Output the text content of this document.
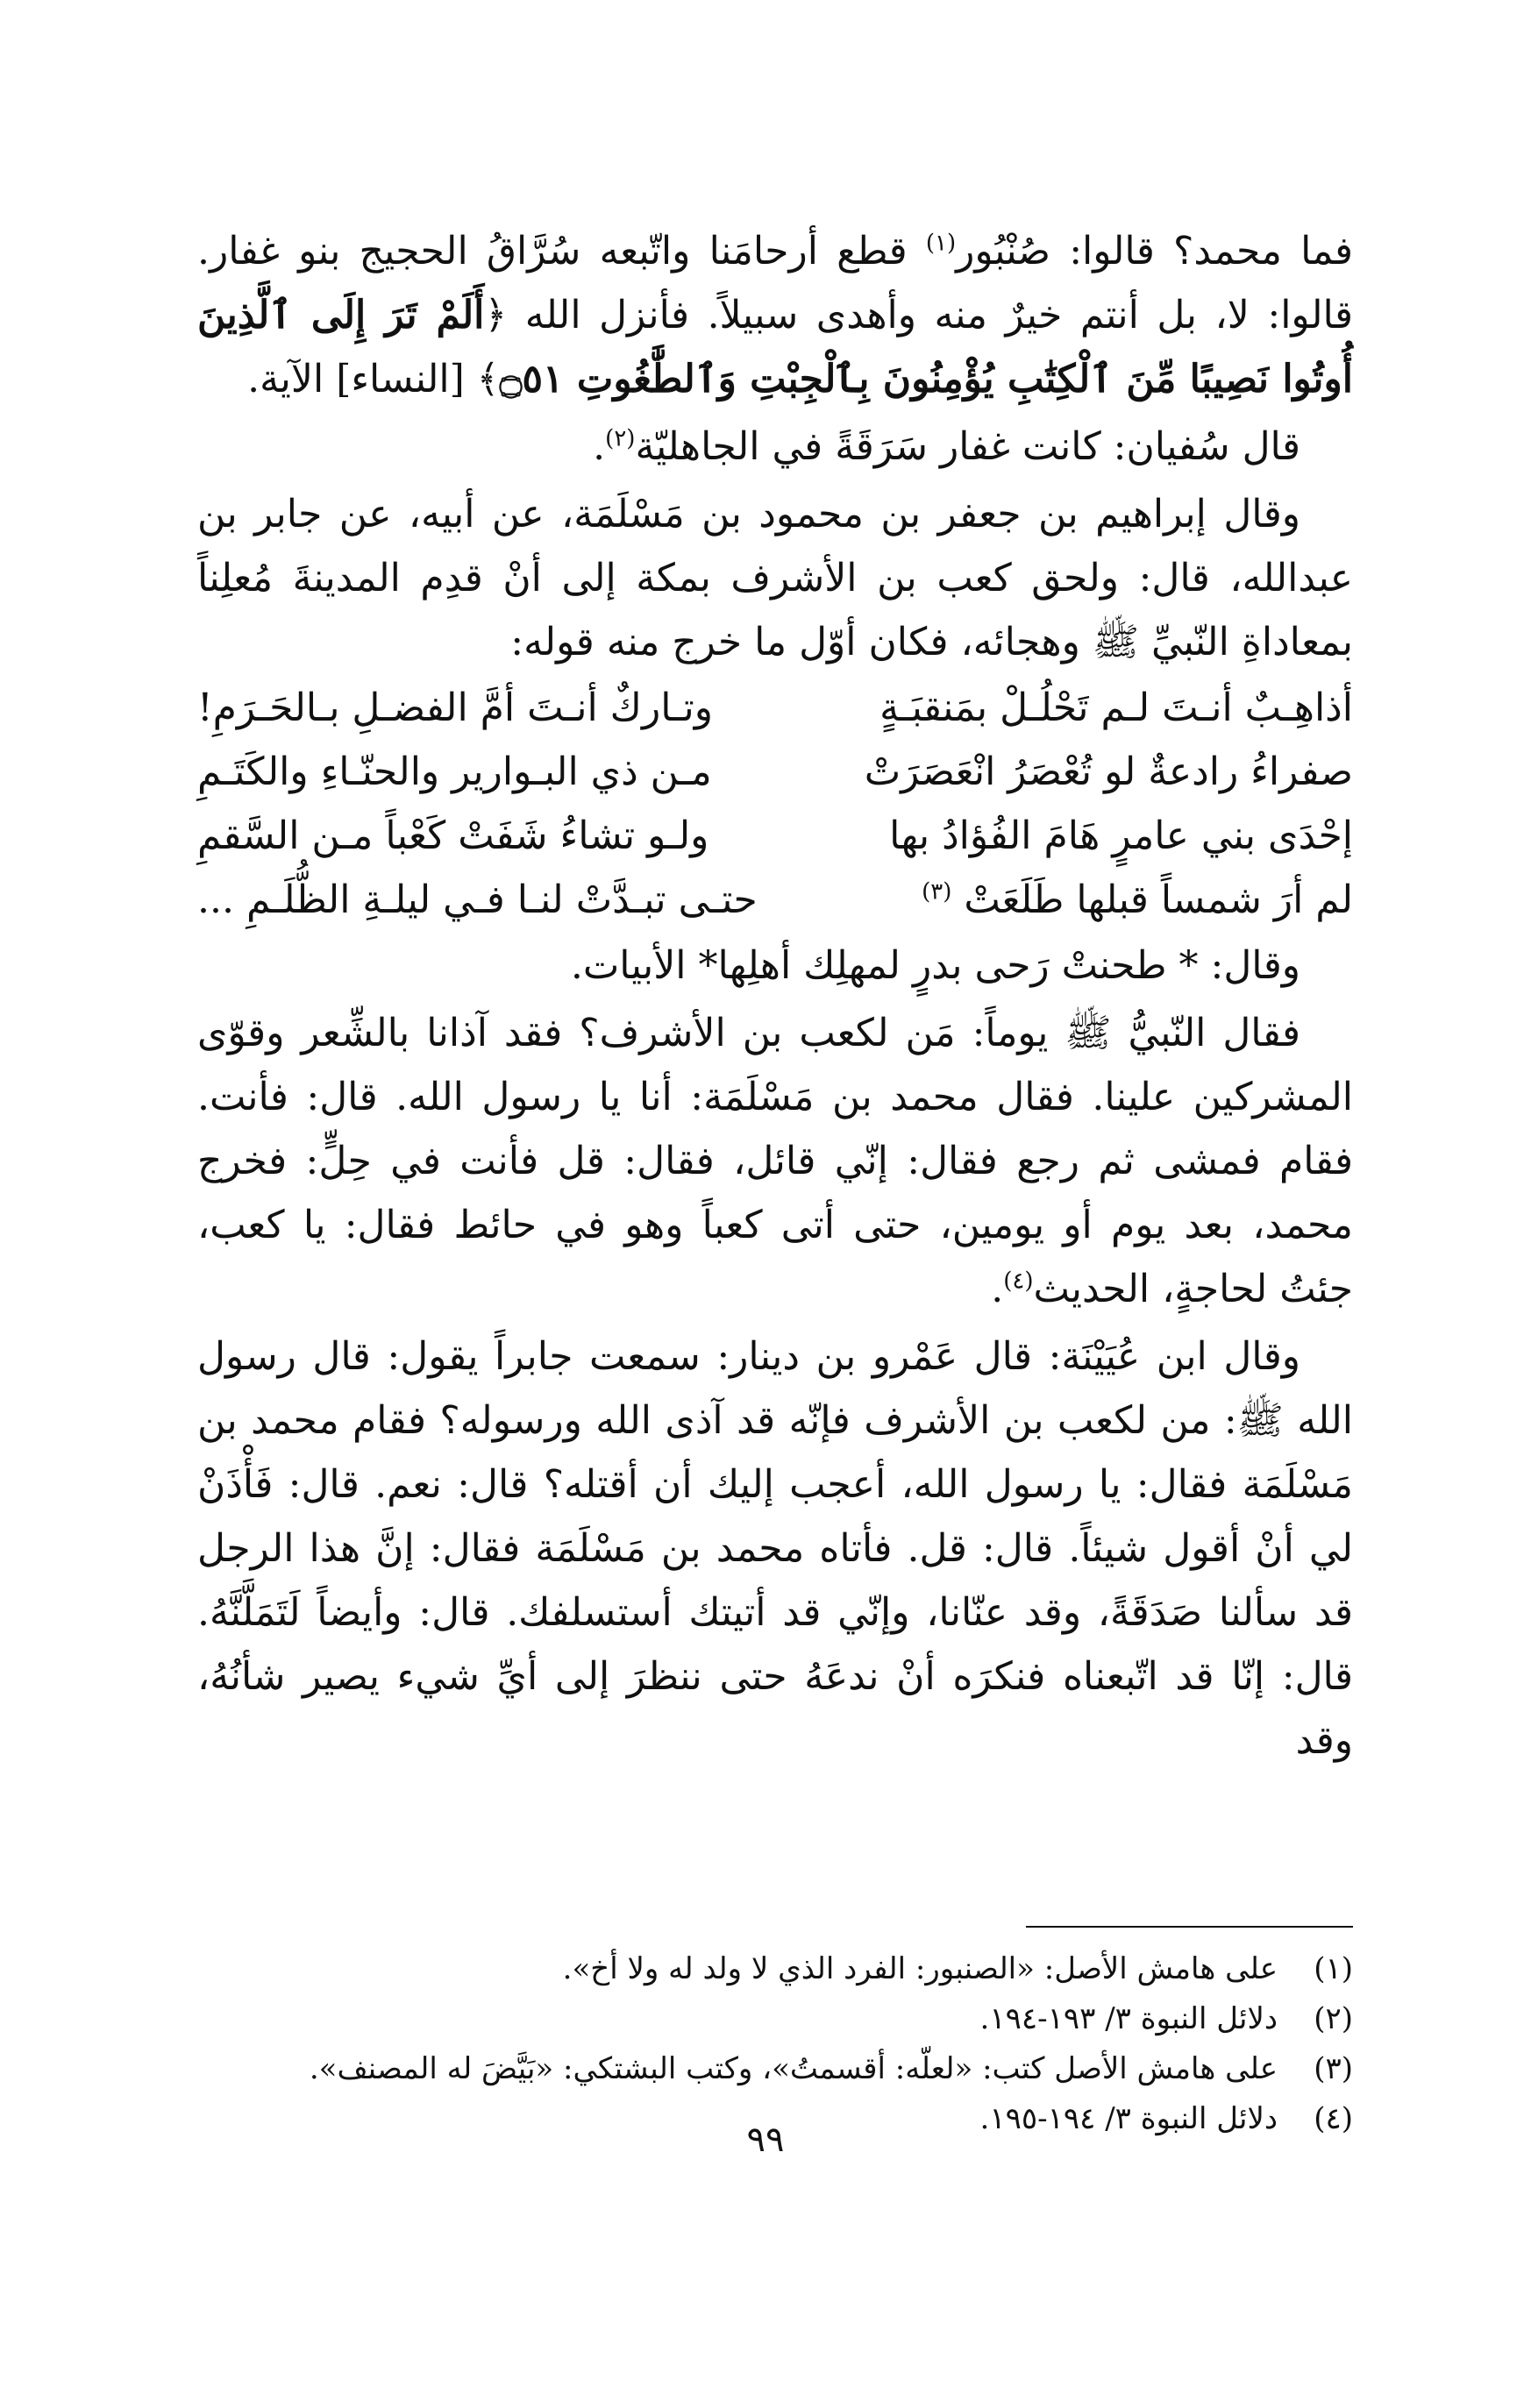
فما محمد؟ قالوا: صُنْبُور$^{(١)}$ قطع أرحامَنا واتّبعه سُرَّاقُ الحجيج بنو غفار. قالوا: لا، بل أنتم خيرٌ منه وأهدى سبيلاً. فأنزل الله ﴿أَلَمْ تَرَ إِلَى ٱلَّذِينَ أُوتُوا نَصِيبًا مِّنَ ٱلْكِتَٰبِ يُؤْمِنُونَ بِٱلْجِبْتِ وَٱلطَّٰغُوتِ ۝٥١﴾ [النساء] الآية.

قال سُفيان: كانت غفار سَرَقَةً في الجاهليّة$^{(٢)}$.

وقال إبراهيم بن جعفر بن محمود بن مَسْلَمَة، عن أبيه، عن جابر بن عبدالله، قال: ولحق كعب بن الأشرف بمكة إلى أنْ قدِم المدينةَ مُعلِناً بمعاداةِ النّبيِّ ﷺ وهجائه، فكان أوّل ما خرج منه قوله:

أذاهِـبٌ أنـتَ لـم تَحْلُـلْ بمَنقبَـةٍ
وتـاركٌ أنـتَ أمَّ الفضـلِ بـالحَـرَمِ!
صفراءُ رادعةٌ لو تُعْصَرُ انْعَصَرَتْ
مـن ذي البـوارير والحنّـاءِ والكَتَـمِ
إحْدَى بني عامرٍ هَامَ الفُؤادُ بها
ولـو تشاءُ شَفَتْ كَعْباً مـن السَّقمِ
لم أرَ شمساً قبلها طَلَعَتْ $^{(٣)}$
حتـى تبـدَّتْ لنـا فـي ليلـةِ الظُّلَـمِ ...

وقال: * طحنتْ رَحى بدرٍ لمهلِك أهلِها* الأبيات.

فقال النّبيُّ ﷺ يوماً: مَن لكعب بن الأشرف؟ فقد آذانا بالشِّعر وقوّى المشركين علينا. فقال محمد بن مَسْلَمَة: أنا يا رسول الله. قال: فأنت. فقام فمشى ثم رجع فقال: إنّي قائل، فقال: قل فأنت في حِلٍّ: فخرج محمد، بعد يوم أو يومين، حتى أتى كعباً وهو في حائط فقال: يا كعب، جئتُ لحاجةٍ، الحديث$^{(٤)}$.

وقال ابن عُيَيْنَة: قال عَمْرو بن دينار: سمعت جابراً يقول: قال رسول الله ﷺ: من لكعب بن الأشرف فإنّه قد آذى الله ورسوله؟ فقام محمد بن مَسْلَمَة فقال: يا رسول الله، أعجب إليك أن أقتله؟ قال: نعم. قال: فَأْذَنْ لي أنْ أقول شيئاً. قال: قل. فأتاه محمد بن مَسْلَمَة فقال: إنَّ هذا الرجل قد سألنا صَدَقَةً، وقد عنّانا، وإنّي قد أتيتك أستسلفك. قال: وأيضاً لَتَمَلَّنَّهُ. قال: إنّا قد اتّبعناه فنكرَه أنْ ندعَهُ حتى ننظرَ إلى أيِّ شيء يصير شأنُهُ، وقد

(١)
على هامش الأصل: «الصنبور: الفرد الذي لا ولد له ولا أخ».
(٢)
دلائل النبوة ٣/ ١٩٣-١٩٤.
(٣)
على هامش الأصل كتب: «لعلّه: أقسمتُ»، وكتب البشتكي: «بَيَّضَ له المصنف».
(٤)
دلائل النبوة ٣/ ١٩٤-١٩٥.
٩٩
